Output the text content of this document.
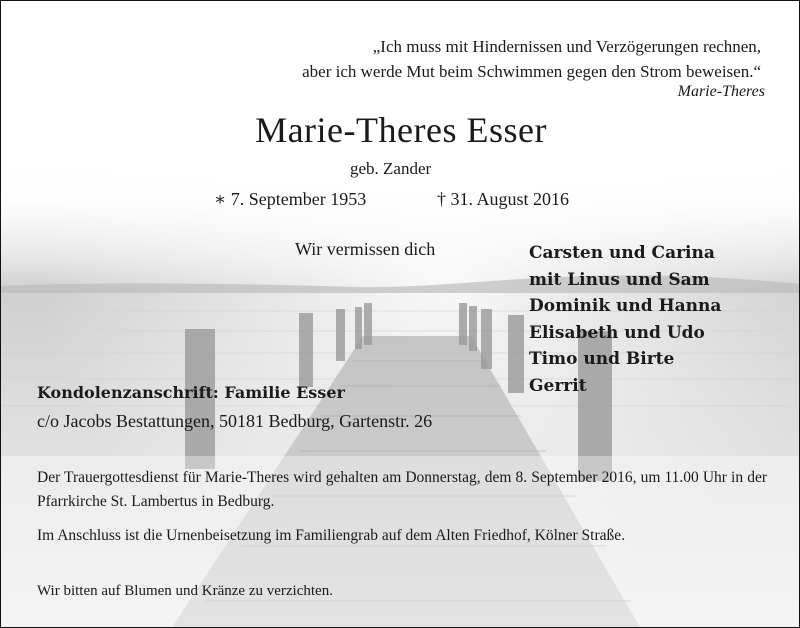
„Ich muss mit Hindernissen und Verzögerungen rechnen,
aber ich werde Mut beim Schwimmen gegen den Strom beweisen.“
Marie-Theres
Marie-Theres Esser
geb. Zander
∗ 7. September 1953	† 31. August 2016
Wir vermissen dich	Carsten und Carina
mit Linus und Sam
Dominik und Hanna
Elisabeth und Udo
Timo und Birte
Gerrit
Kondolenzanschrift: Familie Esser
c/o Jacobs Bestattungen, 50181 Bedburg, Gartenstr. 26
Der Trauergottesdienst für Marie-Theres wird gehalten am Donnerstag, dem 8. September 2016, um 11.00 Uhr in der Pfarrkirche St. Lambertus in Bedburg.
Im Anschluss ist die Urnenbeisetzung im Familiengrab auf dem Alten Friedhof, Kölner Straße.
Wir bitten auf Blumen und Kränze zu verzichten.
